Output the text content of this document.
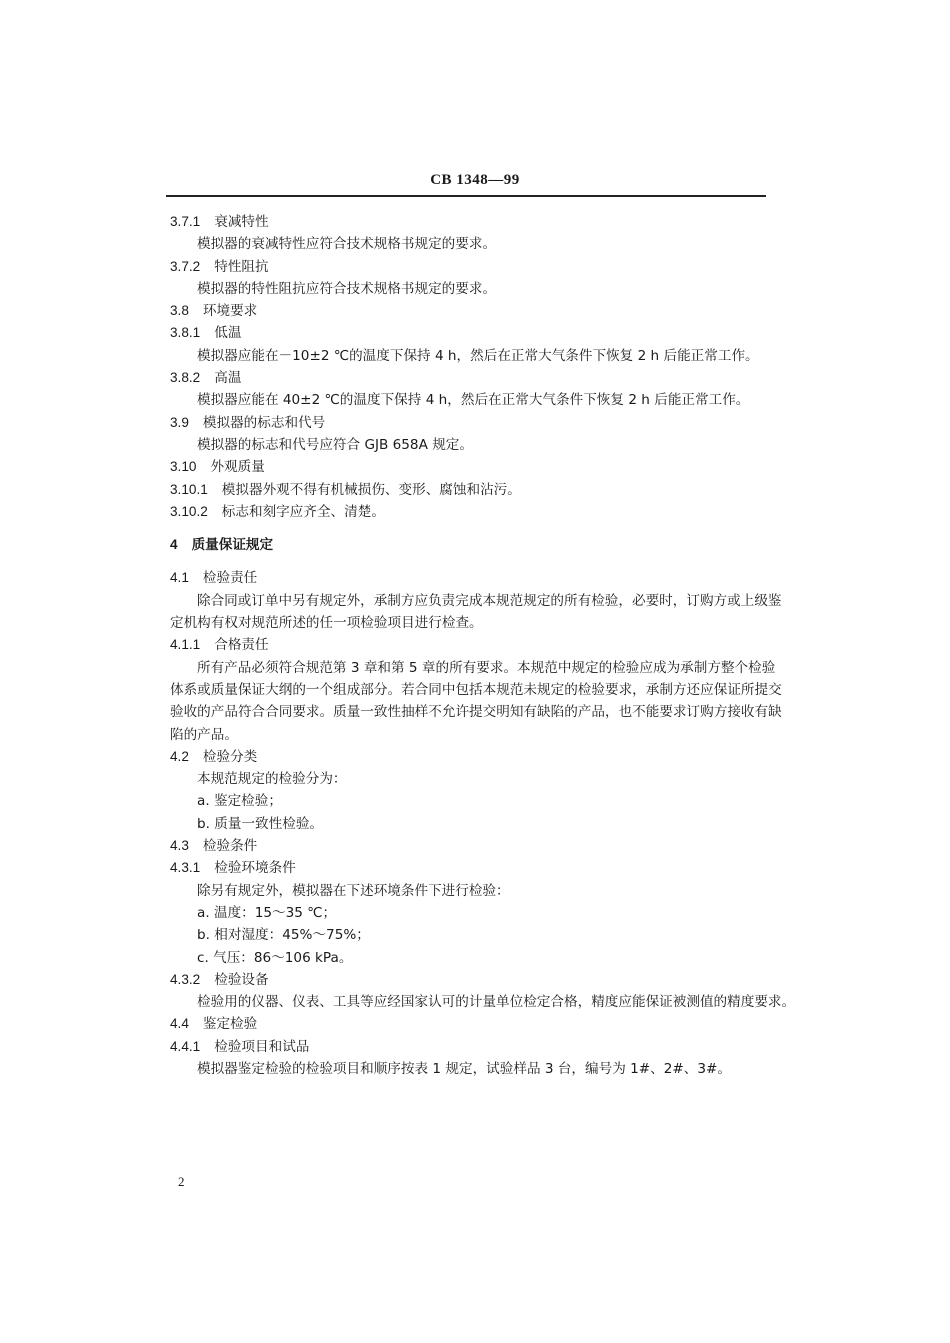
CB 1348—99
3.7.1 衰减特性
模拟器的衰减特性应符合技术规格书规定的要求。
3.7.2 特性阻抗
模拟器的特性阻抗应符合技术规格书规定的要求。
3.8 环境要求
3.8.1 低温
模拟器应能在－10±2 ℃的温度下保持 4 h，然后在正常大气条件下恢复 2 h 后能正常工作。
3.8.2 高温
模拟器应能在 40±2 ℃的温度下保持 4 h，然后在正常大气条件下恢复 2 h 后能正常工作。
3.9 模拟器的标志和代号
模拟器的标志和代号应符合 GJB 658A 规定。
3.10 外观质量
3.10.1 模拟器外观不得有机械损伤、变形、腐蚀和沾污。
3.10.2 标志和刻字应齐全、清楚。
4 质量保证规定
4.1 检验责任
除合同或订单中另有规定外，承制方应负责完成本规范规定的所有检验，必要时，订购方或上级鉴
定机构有权对规范所述的任一项检验项目进行检查。
4.1.1 合格责任
所有产品必须符合规范第 3 章和第 5 章的所有要求。本规范中规定的检验应成为承制方整个检验
体系或质量保证大纲的一个组成部分。若合同中包括本规范未规定的检验要求，承制方还应保证所提交
验收的产品符合合同要求。质量一致性抽样不允许提交明知有缺陷的产品，也不能要求订购方接收有缺
陷的产品。
4.2 检验分类
本规范规定的检验分为：
a. 鉴定检验；
b. 质量一致性检验。
4.3 检验条件
4.3.1 检验环境条件
除另有规定外，模拟器在下述环境条件下进行检验：
a. 温度：15～35 ℃；
b. 相对湿度：45%～75%；
c. 气压：86～106 kPa。
4.3.2 检验设备
检验用的仪器、仪表、工具等应经国家认可的计量单位检定合格，精度应能保证被测值的精度要求。
4.4 鉴定检验
4.4.1 检验项目和试品
模拟器鉴定检验的检验项目和顺序按表 1 规定，试验样品 3 台，编号为 1#、2#、3#。
2
